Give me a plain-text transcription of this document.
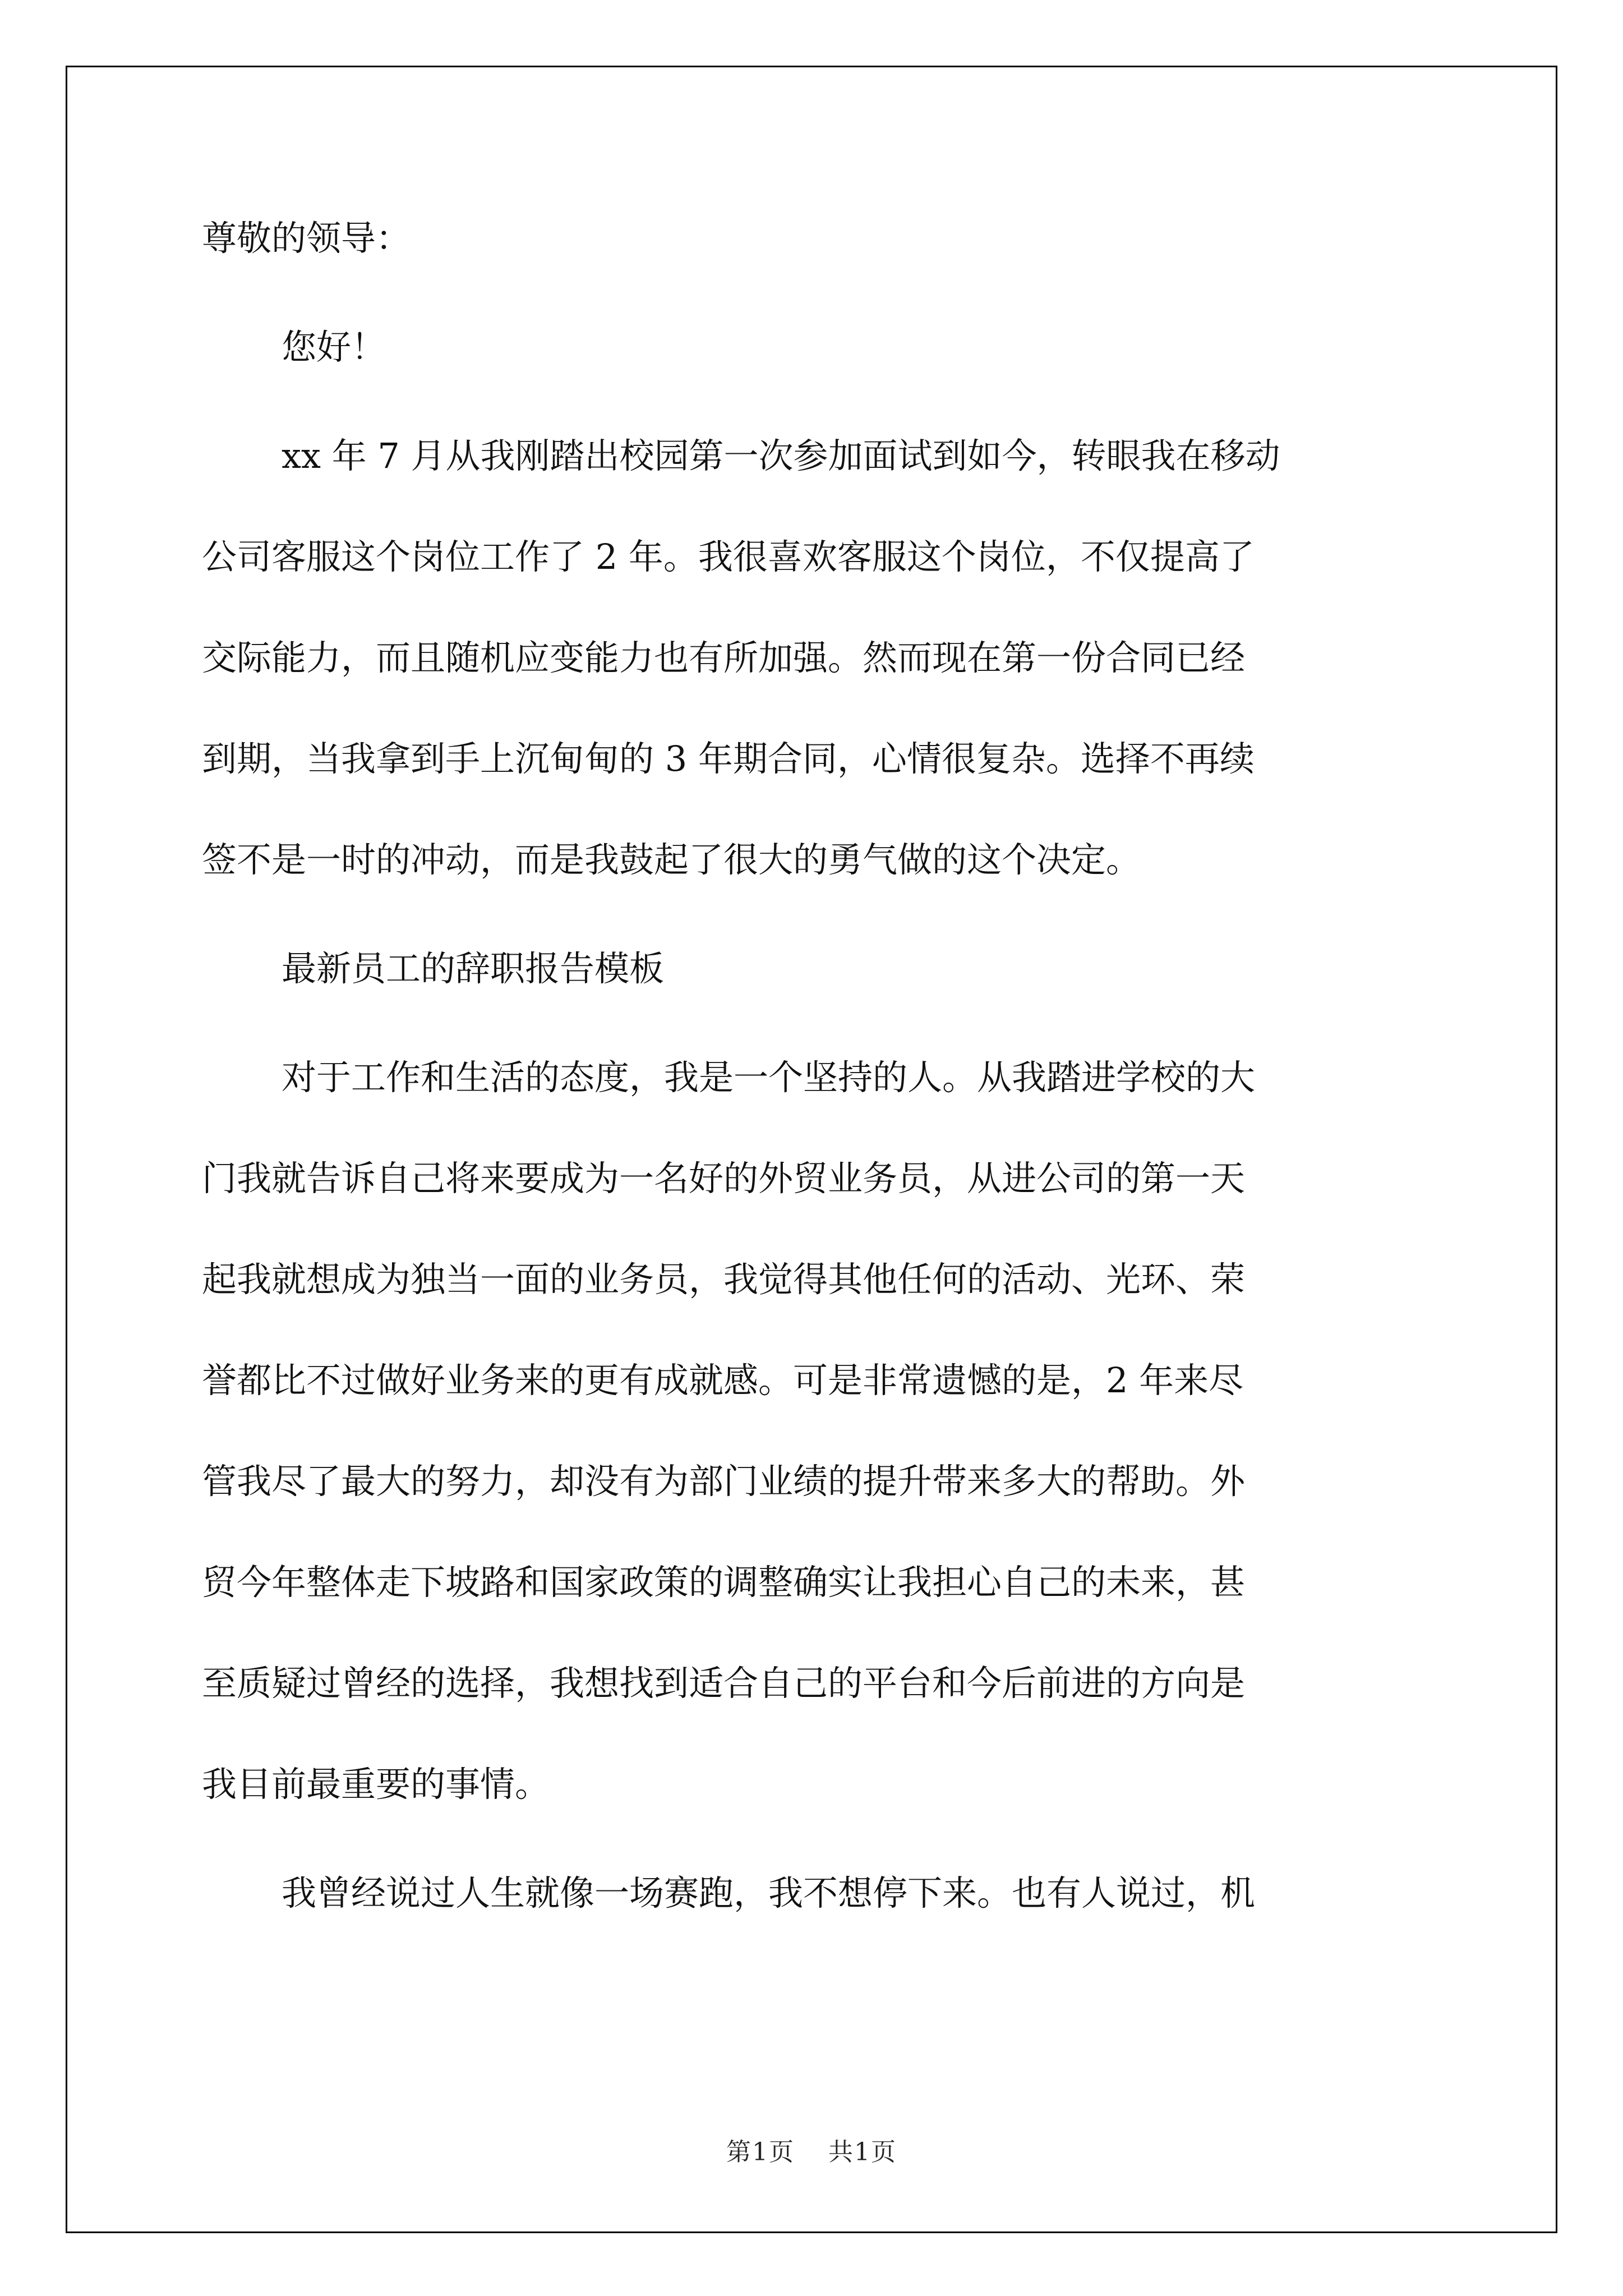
尊敬的领导：
您好！
xx 年 7 月从我刚踏出校园第一次参加面试到如今，转眼我在移动
公司客服这个岗位工作了 2 年。我很喜欢客服这个岗位，不仅提高了
交际能力，而且随机应变能力也有所加强。然而现在第一份合同已经
到期，当我拿到手上沉甸甸的 3 年期合同，心情很复杂。选择不再续
签不是一时的冲动，而是我鼓起了很大的勇气做的这个决定。
最新员工的辞职报告模板
对于工作和生活的态度，我是一个坚持的人。从我踏进学校的大
门我就告诉自己将来要成为一名好的外贸业务员，从进公司的第一天
起我就想成为独当一面的业务员，我觉得其他任何的活动、光环、荣
誉都比不过做好业务来的更有成就感。可是非常遗憾的是，2 年来尽
管我尽了最大的努力，却没有为部门业绩的提升带来多大的帮助。外
贸今年整体走下坡路和国家政策的调整确实让我担心自己的未来，甚
至质疑过曾经的选择，我想找到适合自己的平台和今后前进的方向是
我目前最重要的事情。
我曾经说过人生就像一场赛跑，我不想停下来。也有人说过，机
第1页 共1页
